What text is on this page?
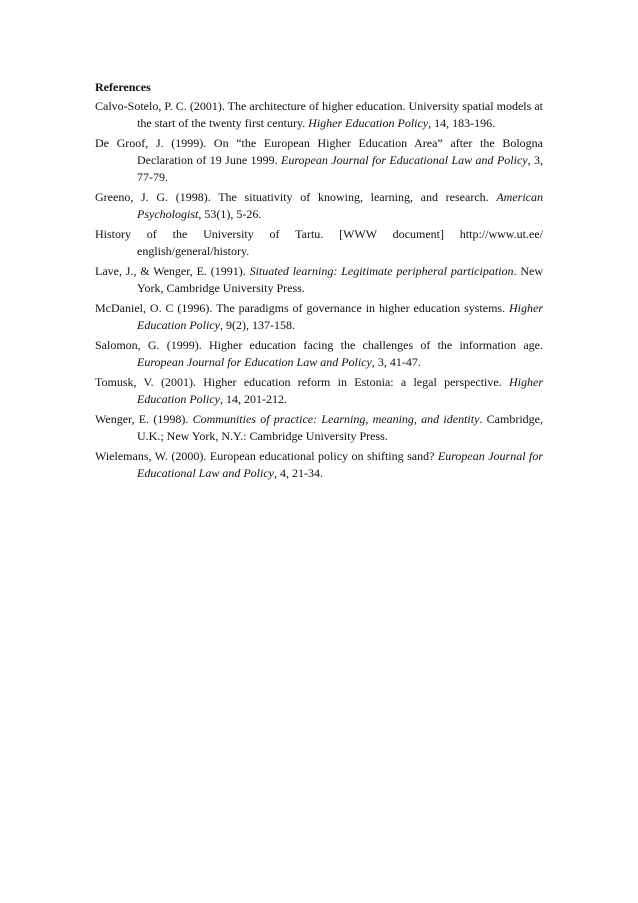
References

Calvo-Sotelo, P. C. (2001). The architecture of higher education. University spatial models at the start of the twenty first century. Higher Education Policy, 14, 183-196.

De Groof, J. (1999). On “the European Higher Education Area” after the Bologna Declaration of 19 June 1999. European Journal for Educational Law and Policy, 3, 77-79.

Greeno, J. G. (1998). The situativity of knowing, learning, and research. American Psychologist, 53(1), 5-26.

History of the University of Tartu. [WWW document] http://www.ut.ee/ english/general/history.

Lave, J., & Wenger, E. (1991). Situated learning: Legitimate peripheral participation. New York, Cambridge University Press.

McDaniel, O. C (1996). The paradigms of governance in higher education systems. Higher Education Policy, 9(2), 137-158.

Salomon, G. (1999). Higher education facing the challenges of the information age. European Journal for Education Law and Policy, 3, 41-47.

Tomusk, V. (2001). Higher education reform in Estonia: a legal perspective. Higher Education Policy, 14, 201-212.

Wenger, E. (1998). Communities of practice: Learning, meaning, and identity. Cambridge, U.K.; New York, N.Y.: Cambridge University Press.

Wielemans, W. (2000). European educational policy on shifting sand? European Journal for Educational Law and Policy, 4, 21-34.
